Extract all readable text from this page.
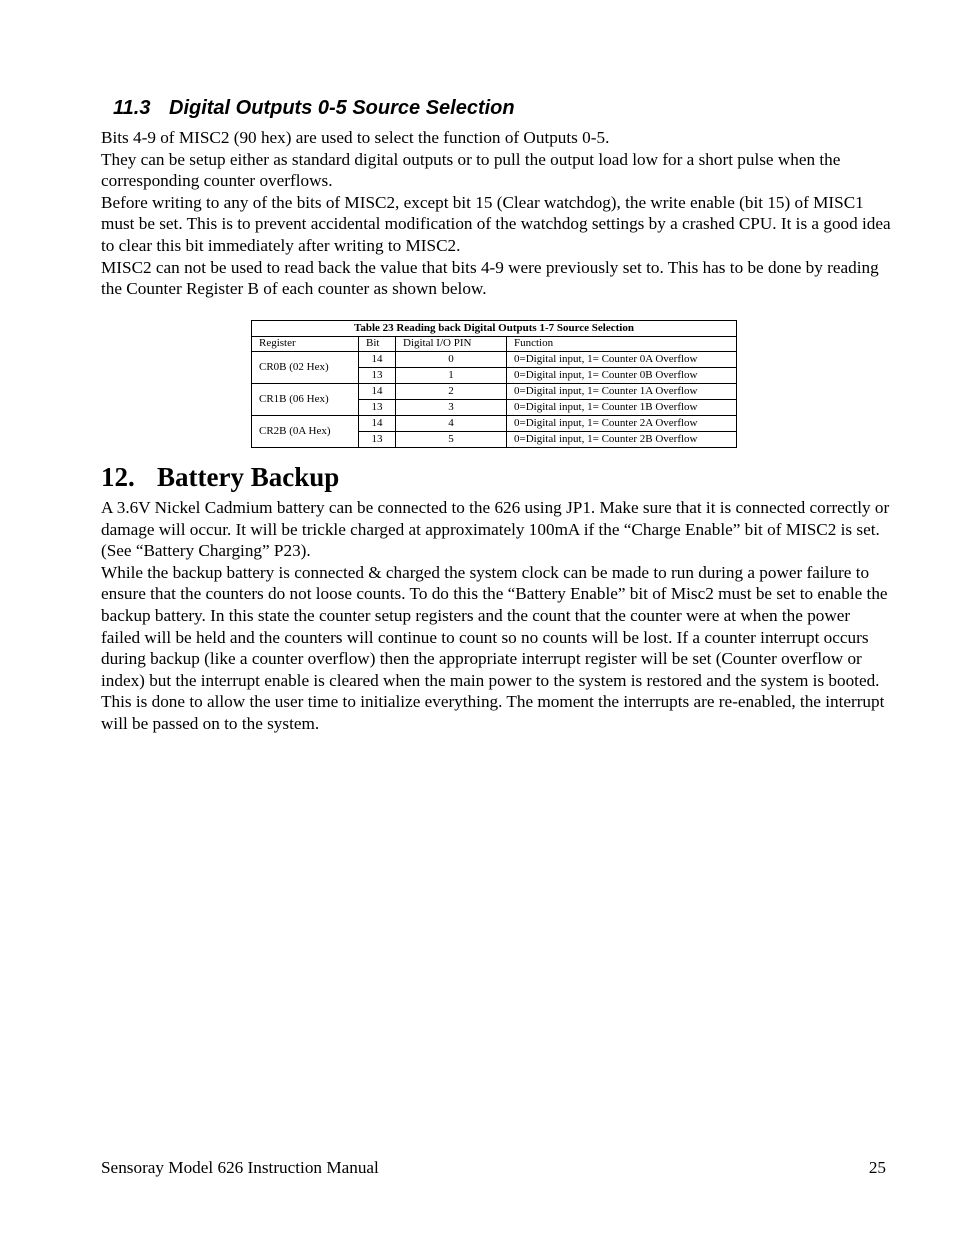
11.3 Digital Outputs 0-5 Source Selection

Bits 4-9 of MISC2 (90 hex) are used to select the function of Outputs 0-5.

They can be setup either as standard digital outputs or to pull the output load low for a short pulse when the corresponding counter overflows.

Before writing to any of the bits of MISC2, except bit 15 (Clear watchdog), the write enable (bit 15) of MISC1 must be set. This is to prevent accidental modification of the watchdog settings by a crashed CPU. It is a good idea to clear this bit immediately after writing to MISC2.

MISC2 can not be used to read back the value that bits 4-9 were previously set to. This has to be done by reading the Counter Register B of each counter as shown below.

Table 23 Reading back Digital Outputs 1-7 Source Selection
Register	Bit	Digital I/O PIN	Function
CR0B (02 Hex)	14	0	0=Digital input, 1= Counter 0A Overflow
	13	1	0=Digital input, 1= Counter 0B Overflow
CR1B (06 Hex)	14	2	0=Digital input, 1= Counter 1A Overflow
	13	3	0=Digital input, 1= Counter 1B Overflow
CR2B (0A Hex)	14	4	0=Digital input, 1= Counter 2A Overflow
	13	5	0=Digital input, 1= Counter 2B Overflow
12. Battery Backup

A 3.6V Nickel Cadmium battery can be connected to the 626 using JP1. Make sure that it is connected correctly or damage will occur. It will be trickle charged at approximately 100mA if the “Charge Enable” bit of MISC2 is set.(See “Battery Charging” P23).

While the backup battery is connected & charged the system clock can be made to run during a power failure to ensure that the counters do not loose counts. To do this the “Battery Enable” bit of Misc2 must be set to enable the backup battery. In this state the counter setup registers and the count that the counter were at when the power failed will be held and the counters will continue to count so no counts will be lost. If a counter interrupt occurs during backup (like a counter overflow) then the appropriate interrupt register will be set (Counter overflow or index) but the interrupt enable is cleared when the main power to the system is restored and the system is booted. This is done to allow the user time to initialize everything. The moment the interrupts are re-enabled, the interrupt will be passed on to the system.

Sensoray Model 626 Instruction Manual	25
